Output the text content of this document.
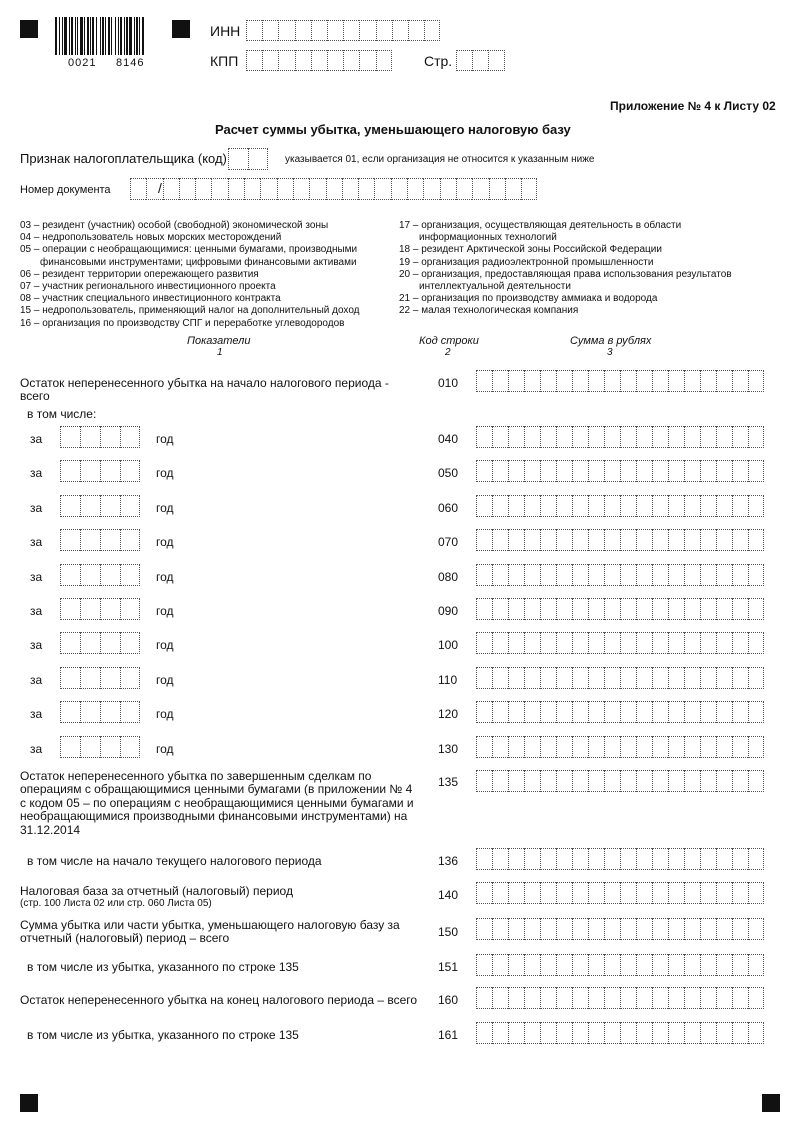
0021 8146
ИНН
КПП	Стр.
Приложение № 4 к Листу 02
Расчет суммы убытка, уменьшающего налоговую базу
Признак налогоплательщика (код)	указывается 01, если организация не относится к указанным ниже
Номер документа	/
03 – резидент (участник) особой (свободной) экономической зоны
04 – недропользователь новых морских месторождений
05 – операции с необращающимися: ценными бумагами, производными
финансовыми инструментами; цифровыми финансовыми активами
06 – резидент территории опережающего развития
07 – участник регионального инвестиционного проекта
08 – участник специального инвестиционного контракта
15 – недропользователь, применяющий налог на дополнительный доход
16 – организация по производству СПГ и переработке углеводородов
17 – организация, осуществляющая деятельность в области
информационных технологий
18 – резидент Арктической зоны Российской Федерации
19 – организация радиоэлектронной промышленности
20 – организация, предоставляющая права использования результатов
интеллектуальной деятельности
21 – организация по производству аммиака и водорода
22 – малая технологическая компания
Показатели
1
Код строки
2
Сумма в рублях
3
Остаток неперенесенного убытка на начало налогового периода -
всего
010
в том числе:
за	год	040
за	год	050
за	год	060
за	год	070
за	год	080
за	год	090
за	год	100
за	год	110
за	год	120
за	год	130
Остаток неперенесенного убытка по завершенным сделкам по
операциям с обращающимися ценными бумагами (в приложении № 4
с кодом 05 – по операциям с необращающимися ценными бумагами и
необращающимися производными финансовыми инструментами) на
31.12.2014
135
в том числе на начало текущего налогового периода	136
Налоговая база за отчетный (налоговый) период
(стр. 100 Листа 02 или стр. 060 Листа 05)
140
Сумма убытка или части убытка, уменьшающего налоговую базу за
отчетный (налоговый) период – всего	150
в том числе из убытка, указанного по строке 135	151
Остаток неперенесенного убытка на конец налогового периода – всего 160
в том числе из убытка, указанного по строке 135	161
